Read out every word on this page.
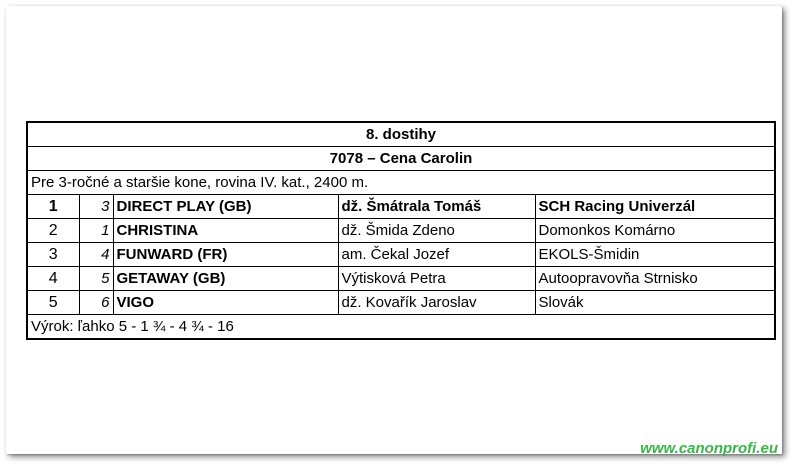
8. dostihy				
7078 – Cena Carolin				
Pre 3-ročné a staršie kone, rovina IV. kat., 2400 m.				
1	3	DIRECT PLAY (GB)	dž. Šmátrala Tomáš	SCH Racing Univerzál
2	1	CHRISTINA	dž. Šmida Zdeno	Domonkos Komárno
3	4	FUNWARD (FR)	am. Čekal Jozef	EKOLS-Šmidin
4	5	GETAWAY (GB)	Výtisková Petra	Autoopravovňa Strnisko
5	6	VIGO	dž. Kovařík Jaroslav	Slovák
Výrok: ľahko 5 - 1 ¾ - 4 ¾ - 16				
www.canonprofi.eu
